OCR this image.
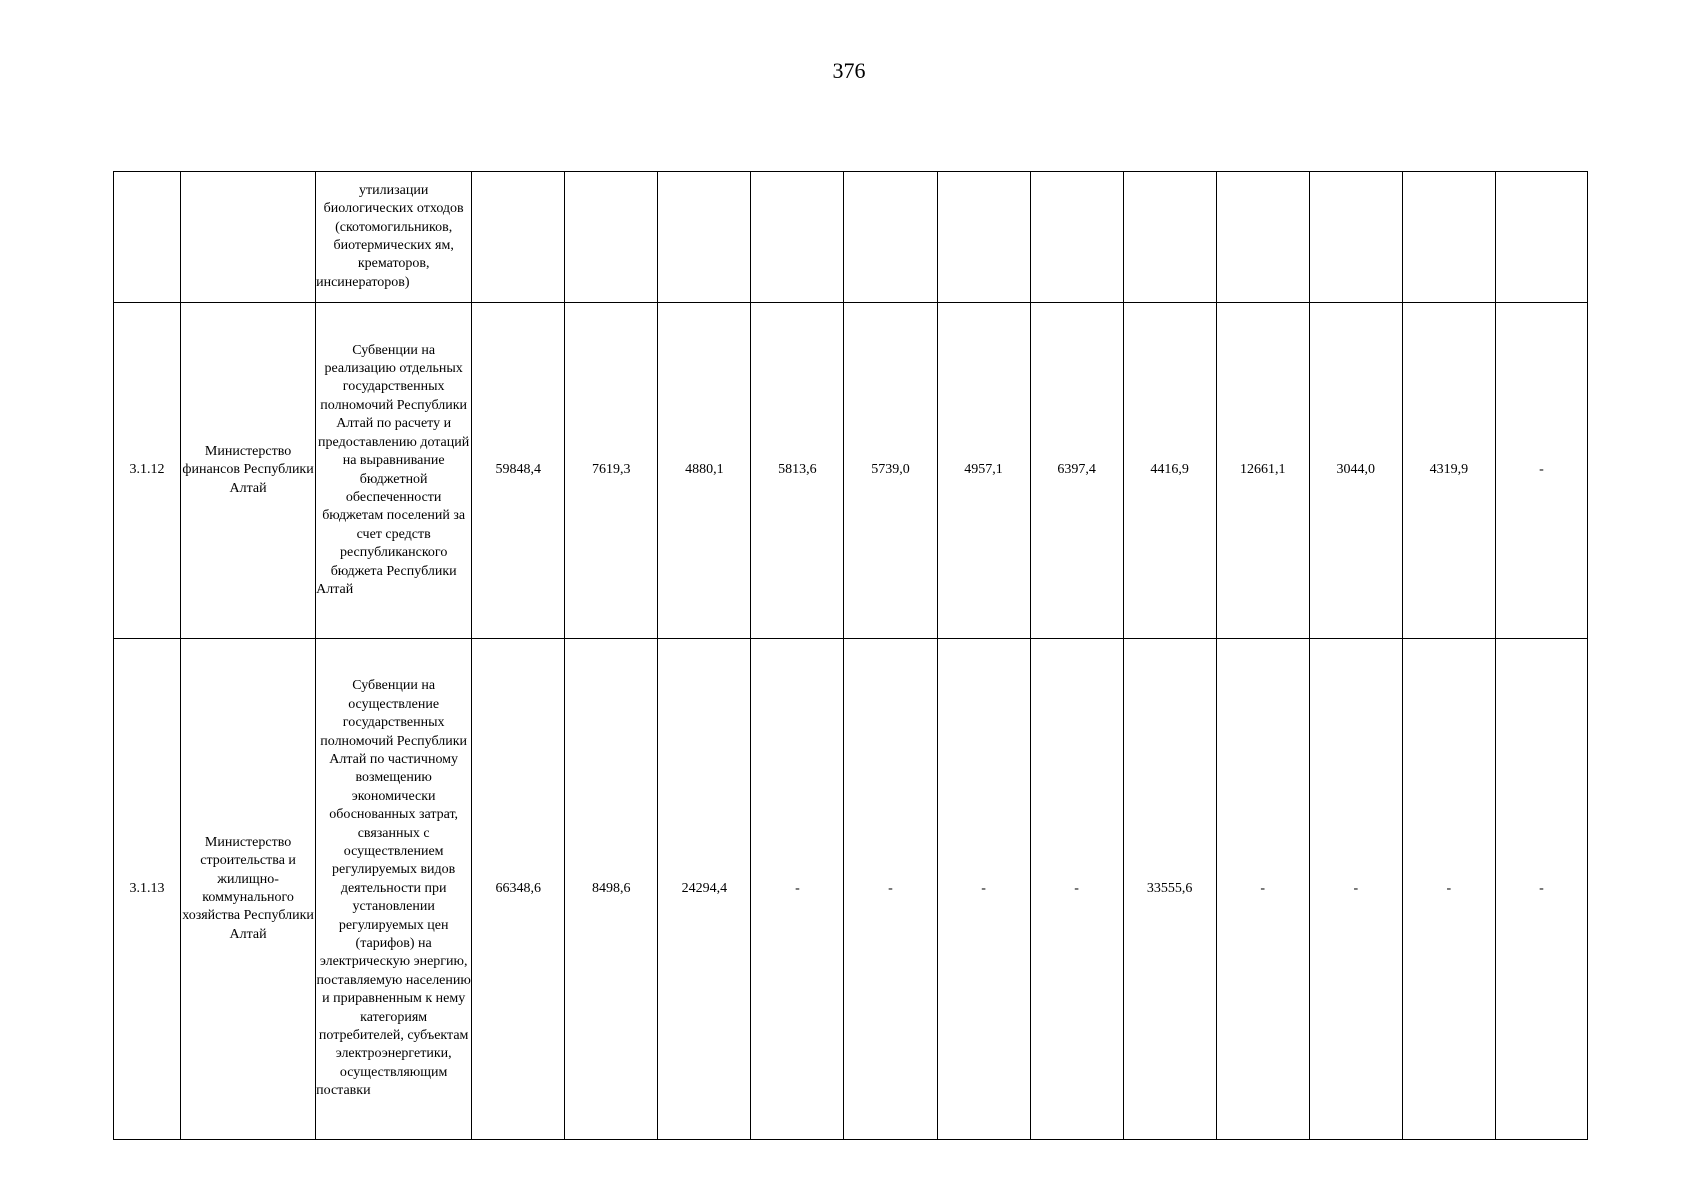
376
		утилизации биологических отходов (скотомогильников, биотермических ям, крематоров, инсинераторов)												
3.1.12	Министерство финансов Республики Алтай	Субвенции на реализацию отдельных государственных полномочий Республики Алтай по расчету и предоставлению дотаций на выравнивание бюджетной обеспеченности бюджетам поселений за счет средств республиканского бюджета Республики Алтай	59848,4	7619,3	4880,1	5813,6	5739,0	4957,1	6397,4	4416,9	12661,1	3044,0	4319,9	-
3.1.13	Министерство строительства и жилищно-коммунального хозяйства Республики Алтай	Субвенции на осуществление государственных полномочий Республики Алтай по частичному возмещению экономически обоснованных затрат, связанных с осуществлением регулируемых видов деятельности при установлении регулируемых цен (тарифов) на электрическую энергию, поставляемую населению и приравненным к нему категориям потребителей, субъектам электроэнергетики, осуществляющим поставки	66348,6	8498,6	24294,4	-	-	-	-	33555,6	-	-	-	-
